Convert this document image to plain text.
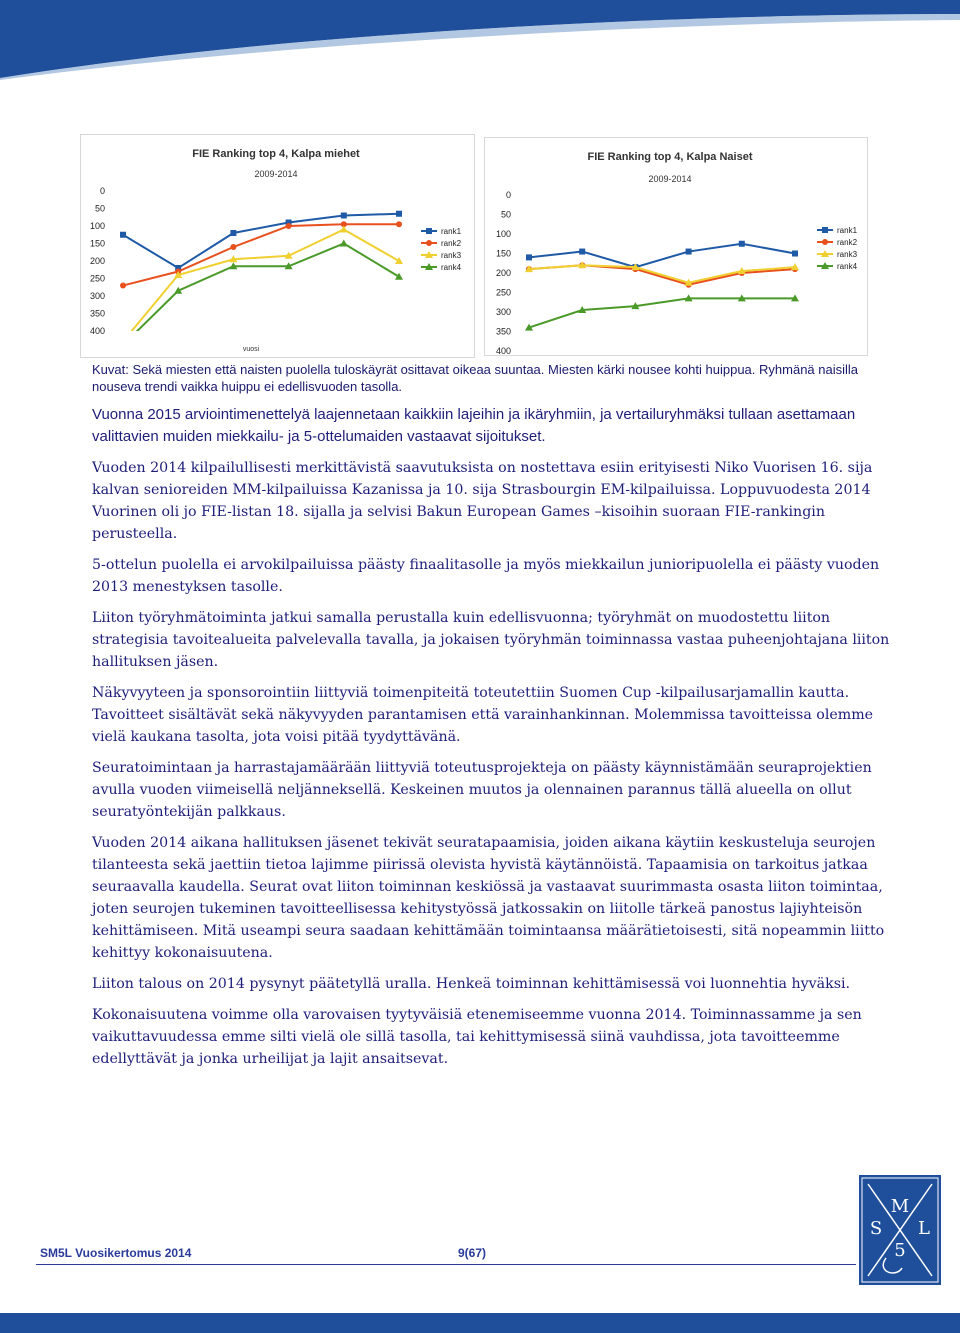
FIE Ranking top 4, Kalpa miehet
2009-2014
0
50
100
150
200
250
300
350
400
vuosi
rank1
rank2
rank3
rank4
FIE Ranking top 4, Kalpa Naiset
2009-2014
0
50
100
150
200
250
300
350
400
rank1
rank2
rank3
rank4
Kuvat: Sekä miesten että naisten puolella tuloskäyrät osittavat oikeaa suuntaa. Miesten kärki nousee kohti huippua. Ryhmänä naisilla nouseva trendi vaikka huippu ei edellisvuoden tasolla.

Vuonna 2015 arviointimenettelyä laajennetaan kaikkiin lajeihin ja ikäryhmiin, ja vertailuryhmäksi tullaan asettamaan valittavien muiden miekkailu- ja 5-ottelumaiden vastaavat sijoitukset.

Vuoden 2014 kilpailullisesti merkittävistä saavutuksista on nostettava esiin erityisesti Niko Vuorisen 16. sija kalvan senioreiden MM-kilpailuissa Kazanissa ja 10. sija Strasbourgin EM-kilpailuissa. Loppuvuodesta 2014 Vuorinen oli jo FIE-listan 18. sijalla ja selvisi Bakun European Games –kisoihin suoraan FIE-rankingin perusteella.

5-ottelun puolella ei arvokilpailuissa päästy finaalitasolle ja myös miekkailun junioripuolella ei päästy vuoden 2013 menestyksen tasolle.

Liiton työryhmätoiminta jatkui samalla perustalla kuin edellisvuonna; työryhmät on muodostettu liiton strategisia tavoitealueita palvelevalla tavalla, ja jokaisen työryhmän toiminnassa vastaa puheenjohtajana liiton hallituksen jäsen.

Näkyvyyteen ja sponsorointiin liittyviä toimenpiteitä toteutettiin Suomen Cup -kilpailusarjamallin kautta. Tavoitteet sisältävät sekä näkyvyyden parantamisen että varainhankinnan. Molemmissa tavoitteissa olemme vielä kaukana tasolta, jota voisi pitää tyydyttävänä.

Seuratoimintaan ja harrastajamäärään liittyviä toteutusprojekteja on päästy käynnistämään seuraprojektien avulla vuoden viimeisellä neljänneksellä. Keskeinen muutos ja olennainen parannus tällä alueella on ollut seuratyöntekijän palkkaus.

Vuoden 2014 aikana hallituksen jäsenet tekivät seuratapaamisia, joiden aikana käytiin keskusteluja seurojen tilanteesta sekä jaettiin tietoa lajimme piirissä olevista hyvistä käytännöistä. Tapaamisia on tarkoitus jatkaa seuraavalla kaudella. Seurat ovat liiton toiminnan keskiössä ja vastaavat suurimmasta osasta liiton toimintaa, joten seurojen tukeminen tavoitteellisessa kehitystyössä jatkossakin on liitolle tärkeä panostus lajiyhteisön kehittämiseen. Mitä useampi seura saadaan kehittämään toimintaansa määrätietoisesti, sitä nopeammin liitto kehittyy kokonaisuutena.

Liiton talous on 2014 pysynyt päätetyllä uralla. Henkeä toiminnan kehittämisessä voi luonnehtia hyväksi.

Kokonaisuutena voimme olla varovaisen tyytyväisiä etenemiseemme vuonna 2014. Toiminnassamme ja sen vaikuttavuudessa emme silti vielä ole sillä tasolla, tai kehittymisessä siinä vauhdissa, jota tavoitteemme edellyttävät ja jonka urheilijat ja lajit ansaitsevat.

SM5L Vuosikertomus 2014	9(67)
M
S L
5
